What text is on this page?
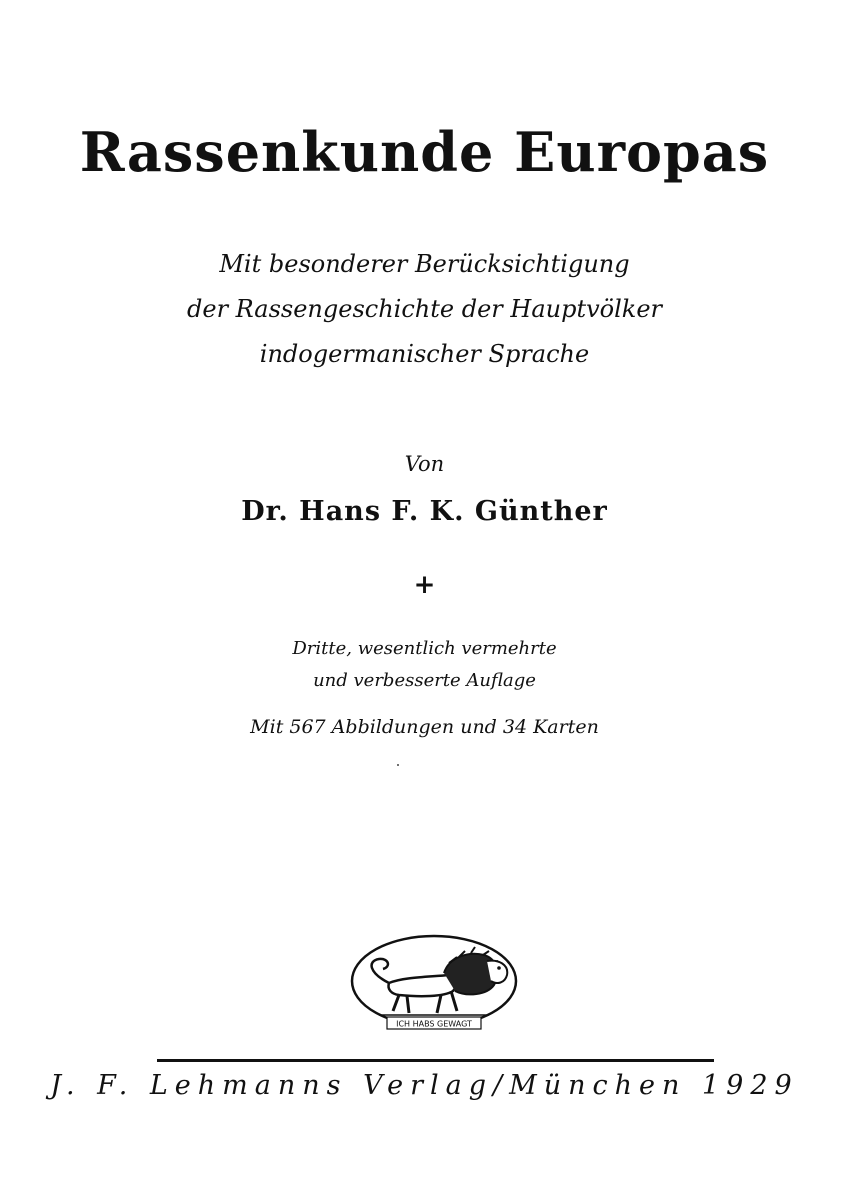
Rassenkunde Europas
Mit besonderer Berücksichtigung
der Rassengeschichte der Hauptvölker
indogermanischer Sprache
Von
Dr. Hans F. K. Günther
+
Dritte, wesentlich vermehrte
und verbesserte Auflage
Mit 567 Abbildungen und 34 Karten
ICH HABS GEWAGT
J. F. Lehmanns Verlag/München 1929
